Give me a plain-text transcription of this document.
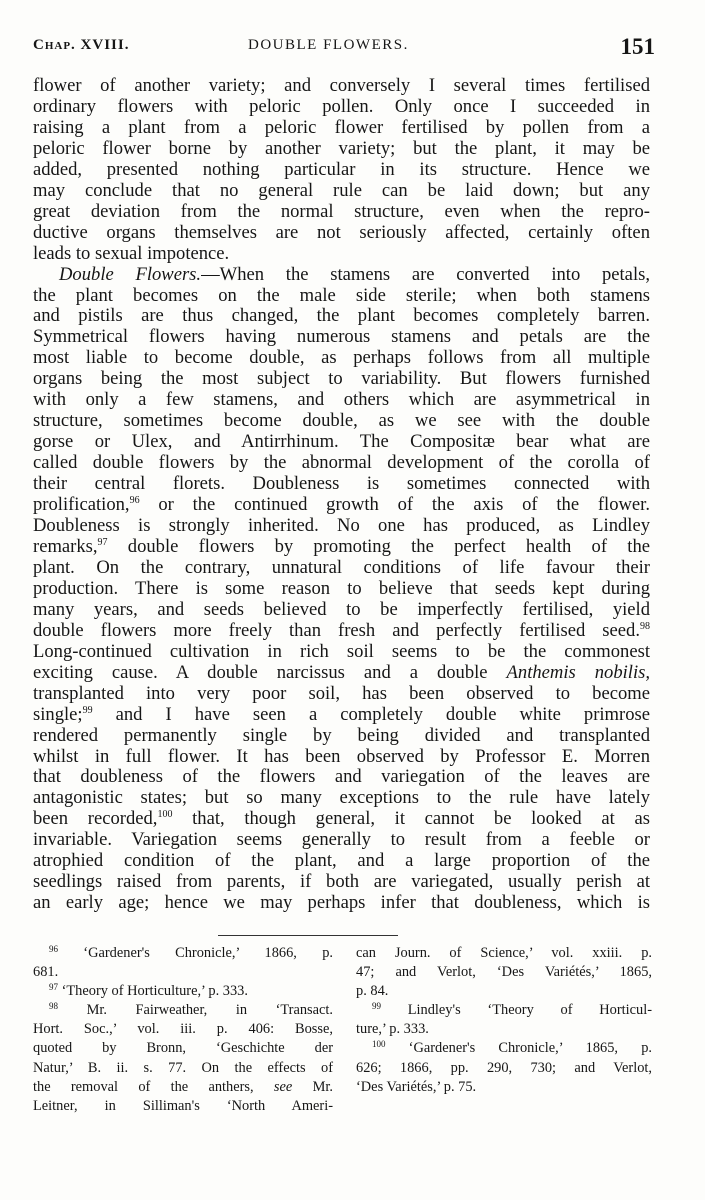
Chap. XVIII.	DOUBLE FLOWERS.	151
flower of another variety; and conversely I several times fertilised
ordinary flowers with peloric pollen. Only once I succeeded in
raising a plant from a peloric flower fertilised by pollen from a
peloric flower borne by another variety; but the plant, it may be
added, presented nothing particular in its structure. Hence we
may conclude that no general rule can be laid down; but any
great deviation from the normal structure, even when the repro-
ductive organs themselves are not seriously affected, certainly often
leads to sexual impotence.
Double Flowers.—When the stamens are converted into petals,
the plant becomes on the male side sterile; when both stamens
and pistils are thus changed, the plant becomes completely barren.
Symmetrical flowers having numerous stamens and petals are the
most liable to become double, as perhaps follows from all multiple
organs being the most subject to variability. But flowers furnished
with only a few stamens, and others which are asymmetrical in
structure, sometimes become double, as we see with the double
gorse or Ulex, and Antirrhinum. The Compositæ bear what are
called double flowers by the abnormal development of the corolla of
their central florets. Doubleness is sometimes connected with
prolification,$^{96}$ or the continued growth of the axis of the flower.
Doubleness is strongly inherited. No one has produced, as Lindley
remarks,$^{97}$ double flowers by promoting the perfect health of the
plant. On the contrary, unnatural conditions of life favour their
production. There is some reason to believe that seeds kept during
many years, and seeds believed to be imperfectly fertilised, yield
double flowers more freely than fresh and perfectly fertilised seed.$^{98}$
Long-continued cultivation in rich soil seems to be the commonest
exciting cause. A double narcissus and a double Anthemis nobilis,
transplanted into very poor soil, has been observed to become
single;$^{99}$ and I have seen a completely double white primrose
rendered permanently single by being divided and transplanted
whilst in full flower. It has been observed by Professor E. Morren
that doubleness of the flowers and variegation of the leaves are
antagonistic states; but so many exceptions to the rule have lately
been recorded,$^{100}$ that, though general, it cannot be looked at as
invariable. Variegation seems generally to result from a feeble or
atrophied condition of the plant, and a large proportion of the
seedlings raised from parents, if both are variegated, usually perish at
an early age; hence we may perhaps infer that doubleness, which is
$^{96}$ ‘Gardener's Chronicle,’ 1866, p.
681.
$^{97}$ ‘Theory of Horticulture,’ p. 333.
$^{98}$ Mr. Fairweather, in ‘Transact.
Hort. Soc.,’ vol. iii. p. 406: Bosse,
quoted by Bronn, ‘Geschichte der
Natur,’ B. ii. s. 77. On the effects of
the removal of the anthers, see Mr.
Leitner, in Silliman's ‘North Ameri-
can Journ. of Science,’ vol. xxiii. p.
47; and Verlot, ‘Des Variétés,’ 1865,
p. 84.
$^{99}$ Lindley's ‘Theory of Horticul-
ture,’ p. 333.
$^{100}$ ‘Gardener's Chronicle,’ 1865, p.
626; 1866, pp. 290, 730; and Verlot,
‘Des Variétés,’ p. 75.
